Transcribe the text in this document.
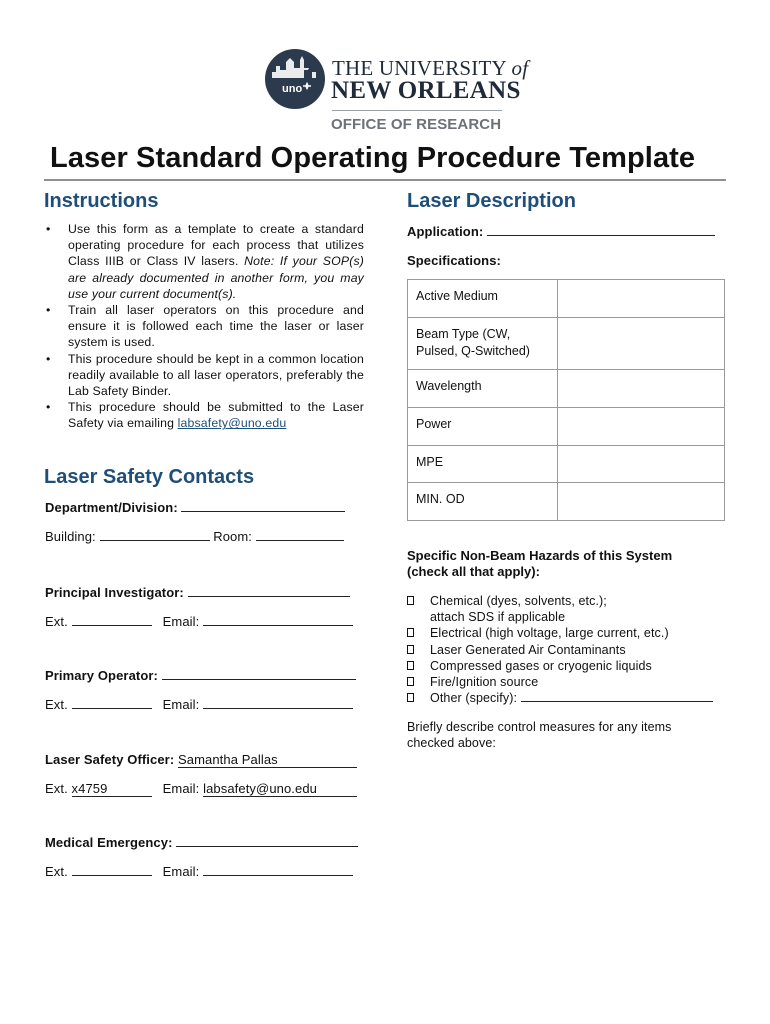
uno
THE UNIVERSITY of
NEW ORLEANS
OFFICE OF RESEARCH
Laser Standard Operating Procedure Template
Instructions
• Use this form as a template to create a standard operating procedure for each process that utilizes Class IIIB or Class IV lasers. Note: If your SOP(s) are already documented in another form, you may use your current document(s).
• Train all laser operators on this procedure and ensure it is followed each time the laser or laser system is used.
• This procedure should be kept in a common location readily available to all laser operators, preferably the Lab Safety Binder.
• This procedure should be submitted to the Laser Safety via emailing labsafety@uno.edu
Laser Safety Contacts
Department/Division:
Building:	Room:
Principal Investigator:
Ext.	Email:
Primary Operator:
Ext.	Email:
Laser Safety Officer: Samantha Pallas
Ext. x4759	Email: labsafety@uno.edu
Medical Emergency:
Ext.	Email:
Laser Description
Application:
Specifications:
Active Medium	

Beam Type (CW, Pulsed, Q-Switched)	

Wavelength	
Power	
MPE	
MIN. OD	
Specific Non-Beam Hazards of this System
(check all that apply):
Chemical (dyes, solvents, etc.); attach SDS if applicable
Electrical (high voltage, large current, etc.)
Laser Generated Air Contaminants
Compressed gases or cryogenic liquids
Fire/Ignition source
Other (specify):
Briefly describe control measures for any items checked above:
